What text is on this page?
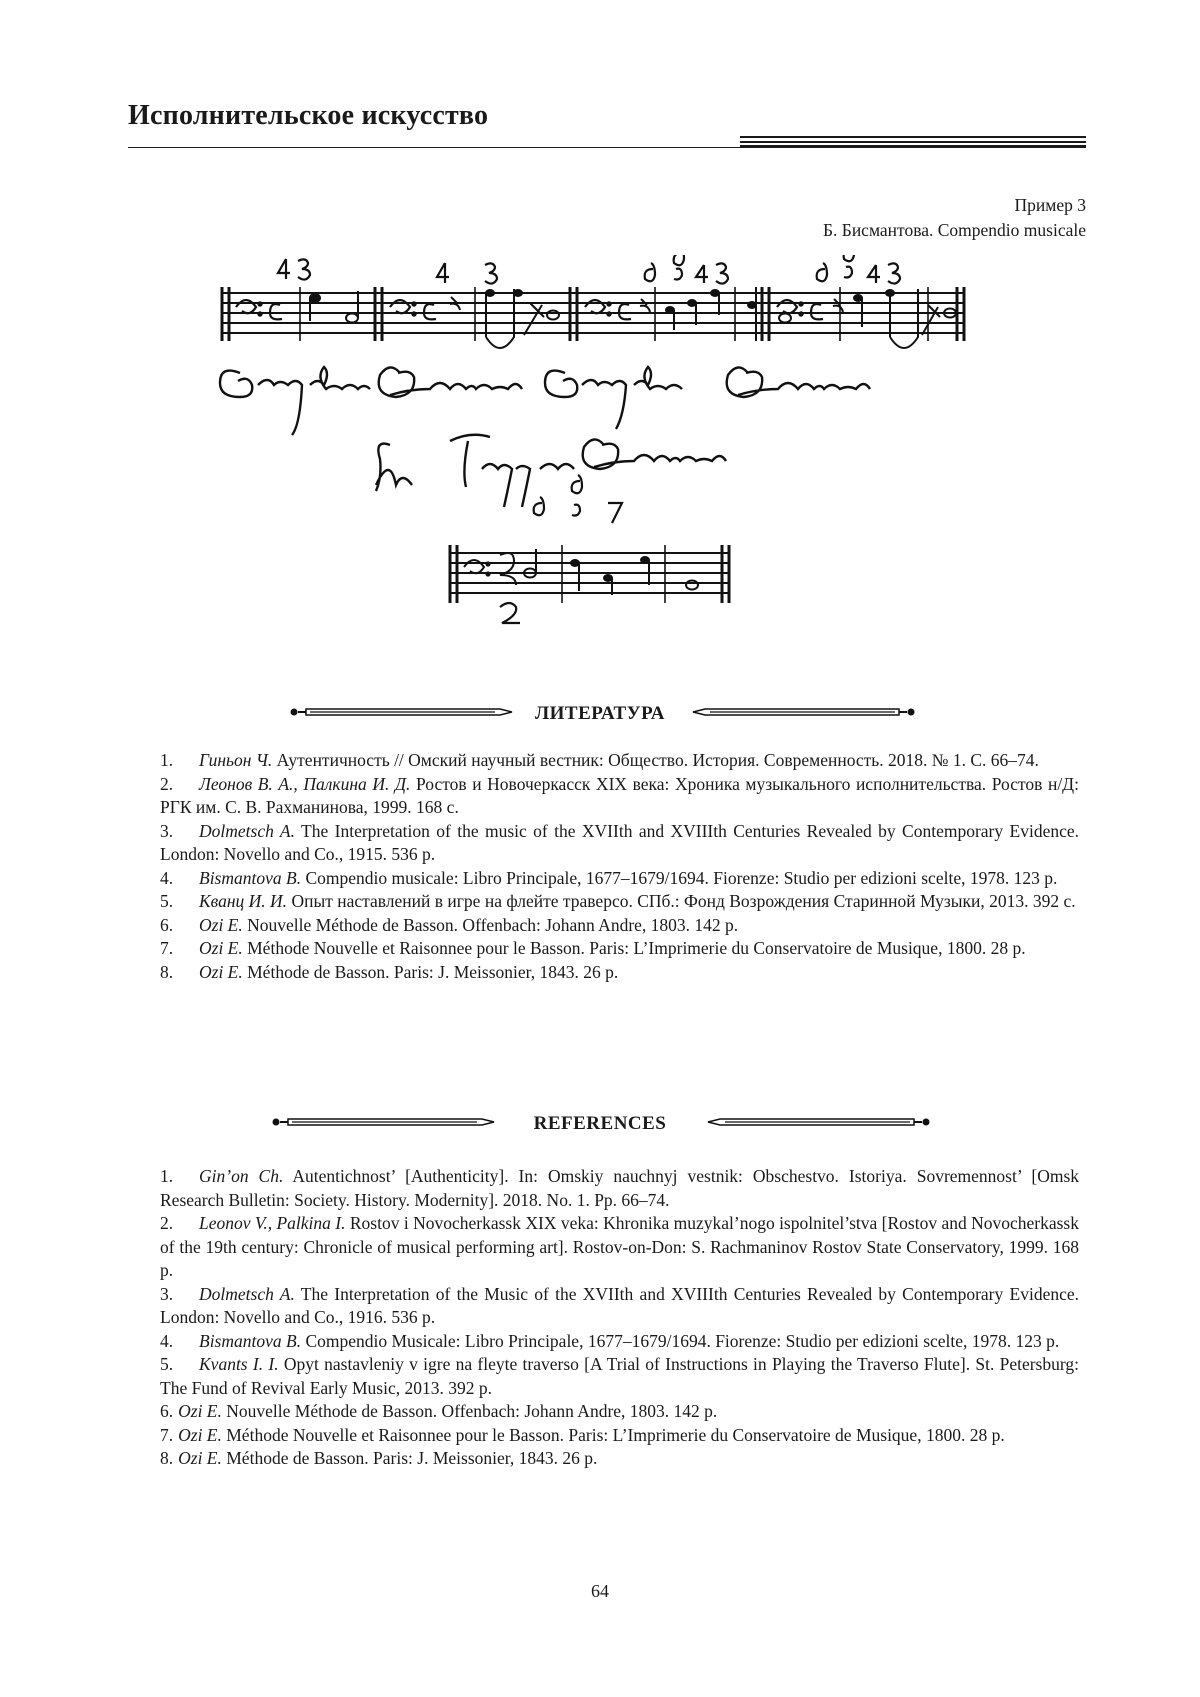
Исполнительское искусство
Пример 3
Б. Бисмантова. Compendio musicale
ЛИТЕРАТУРА

1. Гиньон Ч. Аутентичность // Омский научный вестник: Общество. История. Современность. 2018. № 1. С. 66–74.

2. Леонов В. А., Палкина И. Д. Ростов и Новочеркасск XIX века: Хроника музыкального исполнительства. Ростов н/Д: РГК им. С. В. Рахманинова, 1999. 168 с.

3. Dolmetsch A. The Interpretation of the music of the XVIIth and XVIIIth Centuries Revealed by Contemporary Evidence. London: Novello and Co., 1915. 536 p.

4. Bismantova B. Compendio musicale: Libro Principale, 1677–1679/1694. Fiorenze: Studio per edizioni scelte, 1978. 123 p.

5. Кванц И. И. Опыт наставлений в игре на флейте траверсо. СПб.: Фонд Возрождения Старинной Музыки, 2013. 392 с.

6. Ozi E. Nouvelle Méthode de Basson. Offenbach: Johann Andre, 1803. 142 p.

7. Ozi E. Méthode Nouvelle et Raisonnee pour le Basson. Paris: L’Imprimerie du Conservatoire de Musique, 1800. 28 p.

8. Ozi E. Méthode de Basson. Paris: J. Meissonier, 1843. 26 p.

REFERENCES

1. Gin’on Ch. Autentichnost’ [Authenticity]. In: Omskiy nauchnyj vestnik: Obschestvo. Istoriya. Sovremennost’ [Omsk Research Bulletin: Society. History. Modernity]. 2018. No. 1. Pp. 66–74.

2. Leonov V., Palkina I. Rostov i Novocherkassk XIX veka: Khronika muzykal’nogo ispolnitel’stva [Rostov and Novocherkassk of the 19th century: Chronicle of musical performing art]. Rostov-on-Don: S. Rachmaninov Rostov State Conservatory, 1999. 168 p.

3. Dolmetsch A. The Interpretation of the Music of the XVIIth and XVIIIth Centuries Revealed by Contemporary Evidence. London: Novello and Co., 1916. 536 p.

4. Bismantova B. Compendio Musicale: Libro Principale, 1677–1679/1694. Fiorenze: Studio per edizioni scelte, 1978. 123 p.

5. Kvants I. I. Opyt nastavleniy v igre na fleyte traverso [A Trial of Instructions in Playing the Traverso Flute]. St. Petersburg: The Fund of Revival Early Music, 2013. 392 p.

6. Ozi E. Nouvelle Méthode de Basson. Offenbach: Johann Andre, 1803. 142 p.

7. Ozi E. Méthode Nouvelle et Raisonnee pour le Basson. Paris: L’Imprimerie du Conservatoire de Musique, 1800. 28 p.

8. Ozi E. Méthode de Basson. Paris: J. Meissonier, 1843. 26 p.

64
